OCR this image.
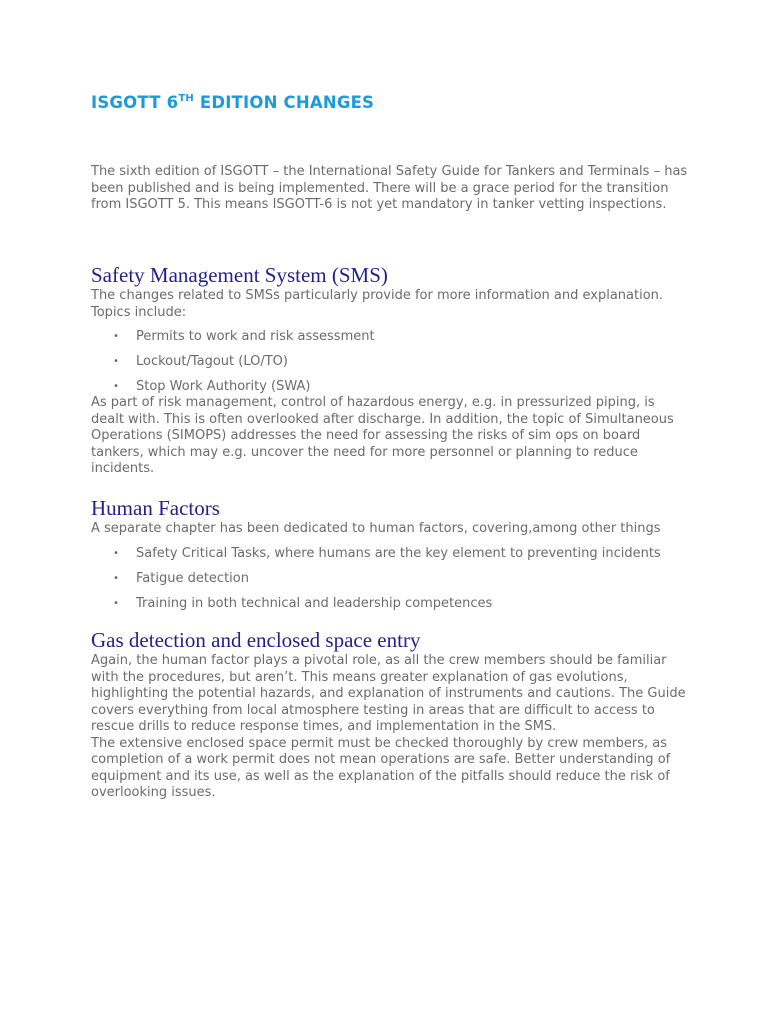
ISGOTT 6TH EDITION CHANGES

The sixth edition of ISGOTT – the International Safety Guide for Tankers and Terminals – has been published and is being implemented. There will be a grace period for the transition from ISGOTT 5. This means ISGOTT-6 is not yet mandatory in tanker vetting inspections.

Safety Management System (SMS)

The changes related to SMSs particularly provide for more information and explanation. Topics include:

• Permits to work and risk assessment
• Lockout/Tagout (LO/TO)
• Stop Work Authority (SWA)

As part of risk management, control of hazardous energy, e.g. in pressurized piping, is dealt with. This is often overlooked after discharge. In addition, the topic of Simultaneous Operations (SIMOPS) addresses the need for assessing the risks of sim ops on board tankers, which may e.g. uncover the need for more personnel or planning to reduce incidents.

Human Factors

A separate chapter has been dedicated to human factors, covering,among other things

• Safety Critical Tasks, where humans are the key element to preventing incidents
• Fatigue detection
• Training in both technical and leadership competences
Gas detection and enclosed space entry

Again, the human factor plays a pivotal role, as all the crew members should be familiar with the procedures, but aren’t. This means greater explanation of gas evolutions, highlighting the potential hazards, and explanation of instruments and cautions. The Guide covers everything from local atmosphere testing in areas that are difficult to access to rescue drills to reduce response times, and implementation in the SMS.

The extensive enclosed space permit must be checked thoroughly by crew members, as completion of a work permit does not mean operations are safe. Better understanding of equipment and its use, as well as the explanation of the pitfalls should reduce the risk of overlooking issues.
